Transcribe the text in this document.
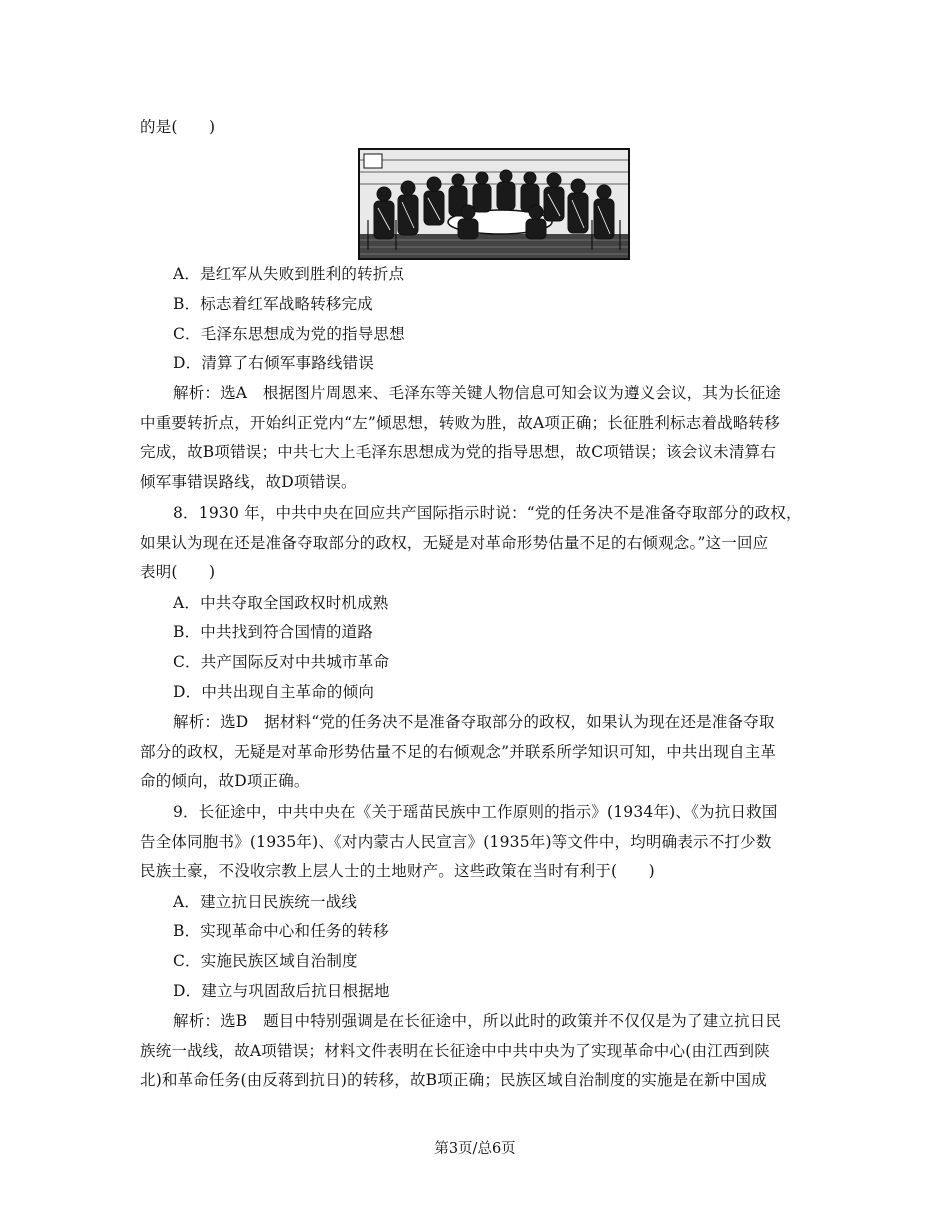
的是(　　)
A．是红军从失败到胜利的转折点
B．标志着红军战略转移完成
C．毛泽东思想成为党的指导思想
D．清算了右倾军事路线错误
解析：选A　根据图片周恩来、毛泽东等关键人物信息可知会议为遵义会议，其为长征途
中重要转折点，开始纠正党内“左”倾思想，转败为胜，故A项正确；长征胜利标志着战略转移
完成，故B项错误；中共七大上毛泽东思想成为党的指导思想，故C项错误；该会议未清算右
倾军事错误路线，故D项错误。
8．1930 年，中共中央在回应共产国际指示时说：“党的任务决不是准备夺取部分的政权，
如果认为现在还是准备夺取部分的政权，无疑是对革命形势估量不足的右倾观念。”这一回应
表明(　　)
A．中共夺取全国政权时机成熟
B．中共找到符合国情的道路
C．共产国际反对中共城市革命
D．中共出现自主革命的倾向
解析：选D　据材料“党的任务决不是准备夺取部分的政权，如果认为现在还是准备夺取
部分的政权，无疑是对革命形势估量不足的右倾观念”并联系所学知识可知，中共出现自主革
命的倾向，故D项正确。
9．长征途中，中共中央在《关于瑶苗民族中工作原则的指示》(1934年)、《为抗日救国
告全体同胞书》(1935年)、《对内蒙古人民宣言》(1935年)等文件中，均明确表示不打少数
民族土豪，不没收宗教上层人士的土地财产。这些政策在当时有利于(　　)
A．建立抗日民族统一战线
B．实现革命中心和任务的转移
C．实施民族区域自治制度
D．建立与巩固敌后抗日根据地
解析：选B　题目中特别强调是在长征途中，所以此时的政策并不仅仅是为了建立抗日民
族统一战线，故A项错误；材料文件表明在长征途中中共中央为了实现革命中心(由江西到陕
北)和革命任务(由反蒋到抗日)的转移，故B项正确；民族区域自治制度的实施是在新中国成
第3页/总6页
